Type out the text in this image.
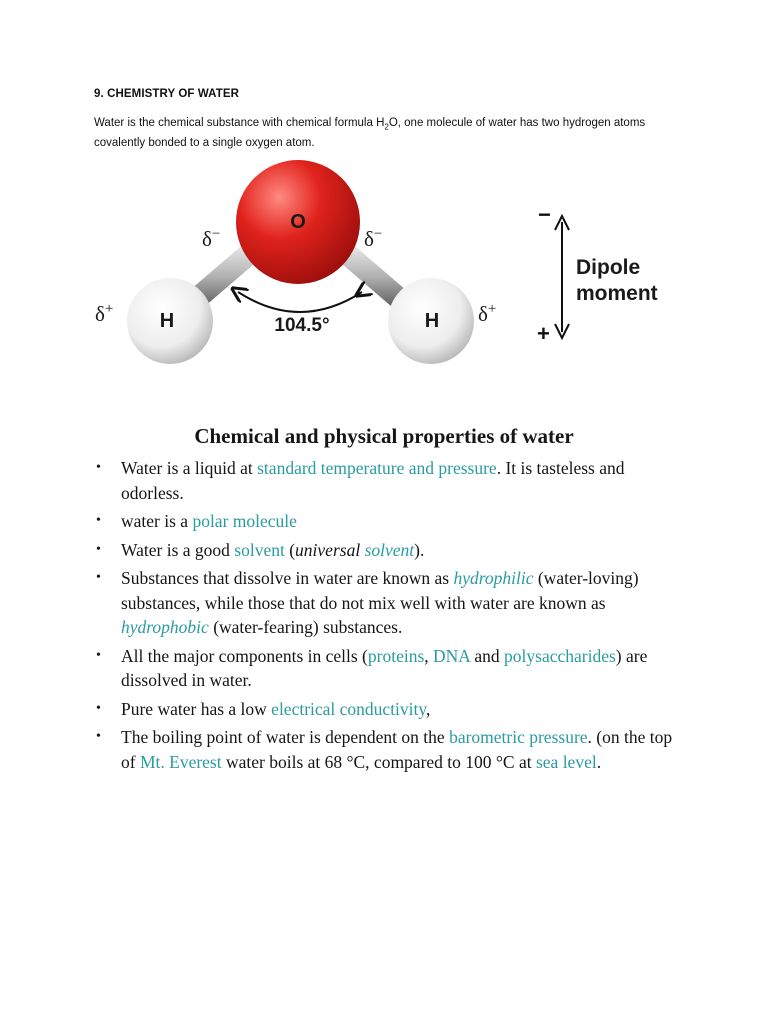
9. CHEMISTRY OF WATER
Water is the chemical substance with chemical formula $H_2O$, one molecule of water has two hydrogen atoms covalently bonded to a single oxygen atom.
O
H	H
104.5°
δ−	δ−
δ+	δ+
−
+
Dipole
moment
Chemical and physical properties of water
• Water is a liquid at standard temperature and pressure. It is tasteless and odorless.
• water is a polar molecule
• Water is a good solvent (universal solvent).
• Substances that dissolve in water are known as hydrophilic (water-loving) substances, while those that do not mix well with water are known as hydrophobic (water-fearing) substances.
• All the major components in cells (proteins, DNA and polysaccharides) are dissolved in water.
• Pure water has a low electrical conductivity,
• The boiling point of water is dependent on the barometric pressure. (on the top of Mt. Everest water boils at 68 °C, compared to 100 °C at sea level.
